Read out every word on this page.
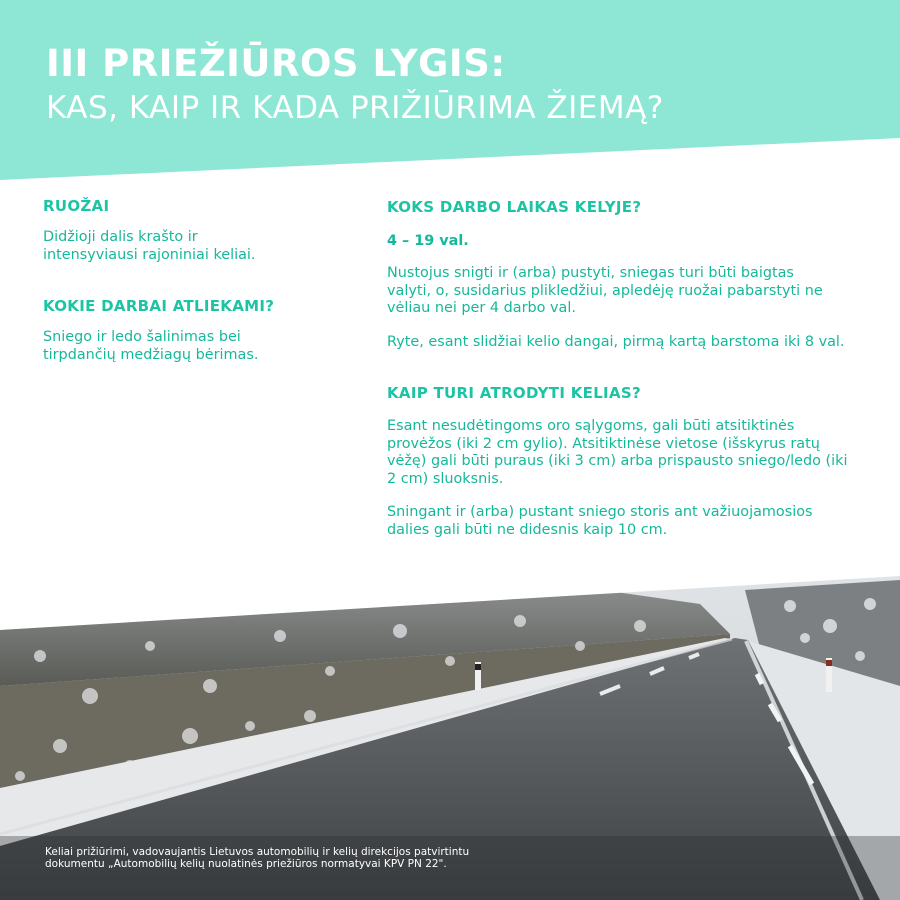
III PRIEŽIŪROS LYGIS:
KAS, KAIP IR KADA PRIŽIŪRIMA ŽIEMĄ?
RUOŽAI
Didžioji dalis krašto ir
intensyviausi rajoniniai keliai.
KOKIE DARBAI ATLIEKAMI?
Sniego ir ledo šalinimas bei
tirpdančių medžiagų bėrimas.
KOKS DARBO LAIKAS KELYJE?
4 – 19 val.
Nustojus snigti ir (arba) pustyti, sniegas turi būti baigtas
valyti, o, susidarius plikledžiui, apledėję ruožai pabarstyti ne
vėliau nei per 4 darbo val.
Ryte, esant slidžiai kelio dangai, pirmą kartą barstoma iki 8 val.
KAIP TURI ATRODYTI KELIAS?
Esant nesudėtingoms oro sąlygoms, gali būti atsitiktinės
provėžos (iki 2 cm gylio). Atsitiktinėse vietose (išskyrus ratų
vėžę) gali būti puraus (iki 3 cm) arba prispausto sniego/ledo (iki
2 cm) sluoksnis.
Sningant ir (arba) pustant sniego storis ant važiuojamosios
dalies gali būti ne didesnis kaip 10 cm.
Keliai prižiūrimi, vadovaujantis Lietuvos automobilių ir kelių direkcijos patvirtintu
dokumentu „Automobilių kelių nuolatinės priežiūros normatyvai KPV PN 22".
